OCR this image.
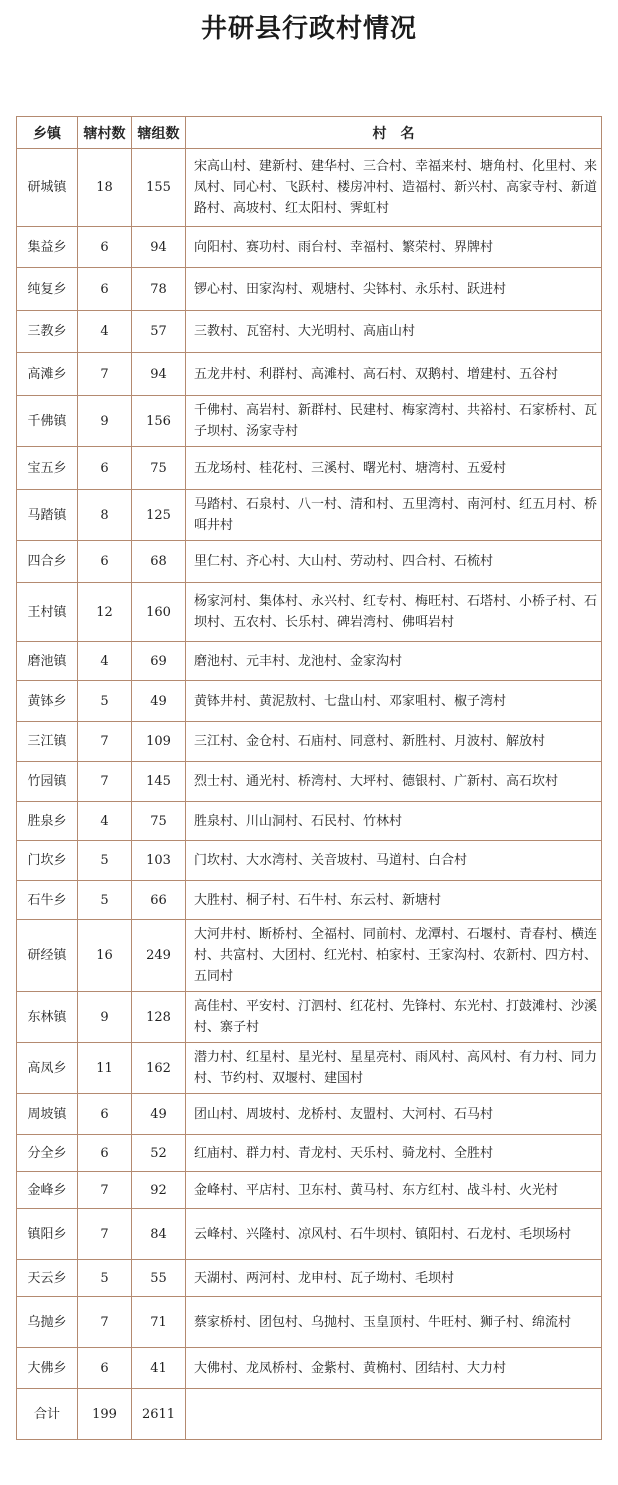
井研县行政村情况
乡镇	辖村数	辖组数	村　名
研城镇	18	155	宋高山村、建新村、建华村、三合村、幸福来村、塘角村、化里村、来凤村、同心村、飞跃村、楼房冲村、造福村、新兴村、高家寺村、新道路村、高坡村、红太阳村、霁虹村
集益乡	6	94	向阳村、赛功村、雨台村、幸福村、繁荣村、界牌村
纯复乡	6	78	锣心村、田家沟村、观塘村、尖钵村、永乐村、跃进村
三教乡	4	57	三教村、瓦窑村、大光明村、高庙山村
高滩乡	7	94	五龙井村、利群村、高滩村、高石村、双鹅村、增建村、五谷村
千佛镇	9	156	千佛村、高岩村、新群村、民建村、梅家湾村、共裕村、石家桥村、瓦子坝村、汤家寺村
宝五乡	6	75	五龙场村、桂花村、三溪村、曙光村、塘湾村、五爱村
马踏镇	8	125	马踏村、石泉村、八一村、清和村、五里湾村、南河村、红五月村、桥咡井村
四合乡	6	68	里仁村、齐心村、大山村、劳动村、四合村、石梳村
王村镇	12	160	杨家河村、集体村、永兴村、红专村、梅旺村、石塔村、小桥子村、石坝村、五农村、长乐村、碑岩湾村、佛咡岩村
磨池镇	4	69	磨池村、元丰村、龙池村、金家沟村
黄钵乡	5	49	黄钵井村、黄泥敖村、七盘山村、邓家咀村、椒子湾村
三江镇	7	109	三江村、金仓村、石庙村、同意村、新胜村、月波村、解放村
竹园镇	7	145	烈士村、通光村、桥湾村、大坪村、德银村、广新村、高石坎村
胜泉乡	4	75	胜泉村、川山洞村、石民村、竹林村
门坎乡	5	103	门坎村、大水湾村、关音坡村、马道村、白合村
石牛乡	5	66	大胜村、桐子村、石牛村、东云村、新塘村
研经镇	16	249	大河井村、断桥村、全福村、同前村、龙潭村、石堰村、青春村、横连村、共富村、大团村、红光村、柏家村、王家沟村、农新村、四方村、五同村
东林镇	9	128	高佳村、平安村、汀泗村、红花村、先锋村、东光村、打鼓滩村、沙溪村、寨子村
高凤乡	11	162	潜力村、红星村、星光村、星星亮村、雨风村、高风村、有力村、同力村、节约村、双堰村、建国村
周坡镇	6	49	团山村、周坡村、龙桥村、友盟村、大河村、石马村
分全乡	6	52	红庙村、群力村、青龙村、天乐村、骑龙村、全胜村
金峰乡	7	92	金峰村、平店村、卫东村、黄马村、东方红村、战斗村、火光村
镇阳乡	7	84	云峰村、兴隆村、凉风村、石牛坝村、镇阳村、石龙村、毛坝场村
天云乡	5	55	天湖村、两河村、龙申村、瓦子坳村、毛坝村
乌抛乡	7	71	蔡家桥村、团包村、乌抛村、玉皇顶村、牛旺村、狮子村、绵流村
大佛乡	6	41	大佛村、龙凤桥村、金紫村、黄桷村、团结村、大力村
合计	199	2611	
